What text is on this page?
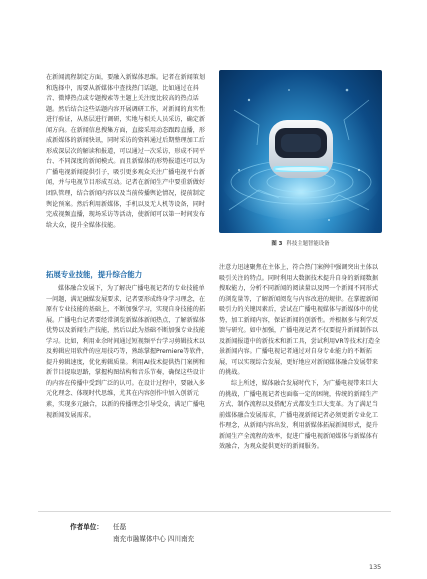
在新闻流程制定方面，要融入新媒体思维。记者在新闻策划和选择中，需要从新媒体中查找热门话题，比如通过在抖音、微博热点或专题搜索等主题上关注度比较高的热点话题。然后结合这些话题内容开展调研工作，对新闻的真实性进行验证，从基层进行调研，实地与相关人员采访，确定新闻方向。在新闻信息搜集方面，直接采用动态跟踪直播，形成新媒体的新闻快讯，同时采访的资料通过后期整理加工后形成深层次的解读和报道，可以通过一次采访，形成不同平台、不同深度的新闻模式。而且新媒体的形势报道还可以为广播电视新闻提供引子，吸引更多观众关注广播电视平台新闻，并与电视节目形成互动。记者在新闻生产中要重新做好团队管理，结合新闻内容以及当前传播舆论情况，提前制定舆论预案。然后利用新媒体，手机以及无人机等设备，同时完成视频直播，现场采访等活动，使新闻可以第一时间发布给大众，提升全媒体技能。

拓展专业技能，提升综合能力

媒体融合发展下，为了解决广播电视记者的专业技能单一问题，满足融媒发展要求，记者要形成终身学习理念，在原有专业技能的基础上，不断加强学习，实现自身技能的拓展。广播电台记者要经常浏览新媒体新闻热点，了解新媒体优势以及新闻生产技能，然后以此为基础不断加强专业技能学习。比如，利用业余时间通过短视频平台学习剪辑技术以及剪辑应用软件的应用技巧等，熟练掌握Premiere等软件，提升剪辑速度，优化剪辑质量。利用AI技术提供热门案例和新节目提取思路，掌握构图结构和音乐节奏，确保这些设计的内容在传播中受到广泛的认可。在设计过程中，要融入多元化理念、体现时代思维，尤其在内容创作中加入创新元素，实现多元融合，以新的传播理念引导受众，满足广播电视新闻发展需求。

图 3 科技主题智能设备

注意力迅速聚焦在主体上，符合热门案例中强调突出主体以吸引关注的特点。同时利用大数据技术提升自身的新闻数据搜取能力，分析不同新闻的阅读量以及网一个新闻不同形式的浏览量等，了解新闻阅览与内容改进的规律。在掌握新闻吸引力的关键因素后，尝试在广播电视媒体与新媒体中的优势，加工新闻内容，保证新闻的创新性。并根据多与利学反馈与研究。如中加强，广播电视记者不仅要提升新闻制作以及新闻报道中的新技术和新工具，尝试利用VR等技术打造全景新闻内容。广播电视记者通过对自身专业能力的不断拓展，可以实现综合发展，更好地应对新闻媒体融合发展带来的挑战。

综上所述，媒体融合发展时代下，为广播电视带来巨大的挑战，广播电视记者也面临一定的困境，传统的新闻生产方式、制作流程以及搭配方式都发生巨大变革。为了满足当前媒体融合发展需求，广播电视新闻记者必须更新专业化工作理念，从新闻内容出发，利用新媒体拓展新闻形式，提升新闻生产全流程的效率，促进广播电视新闻媒体与新媒体有效融合，为观众提供更好的新闻服务。

作者单位： 任磊
南充市融媒体中心 四川南充
135
